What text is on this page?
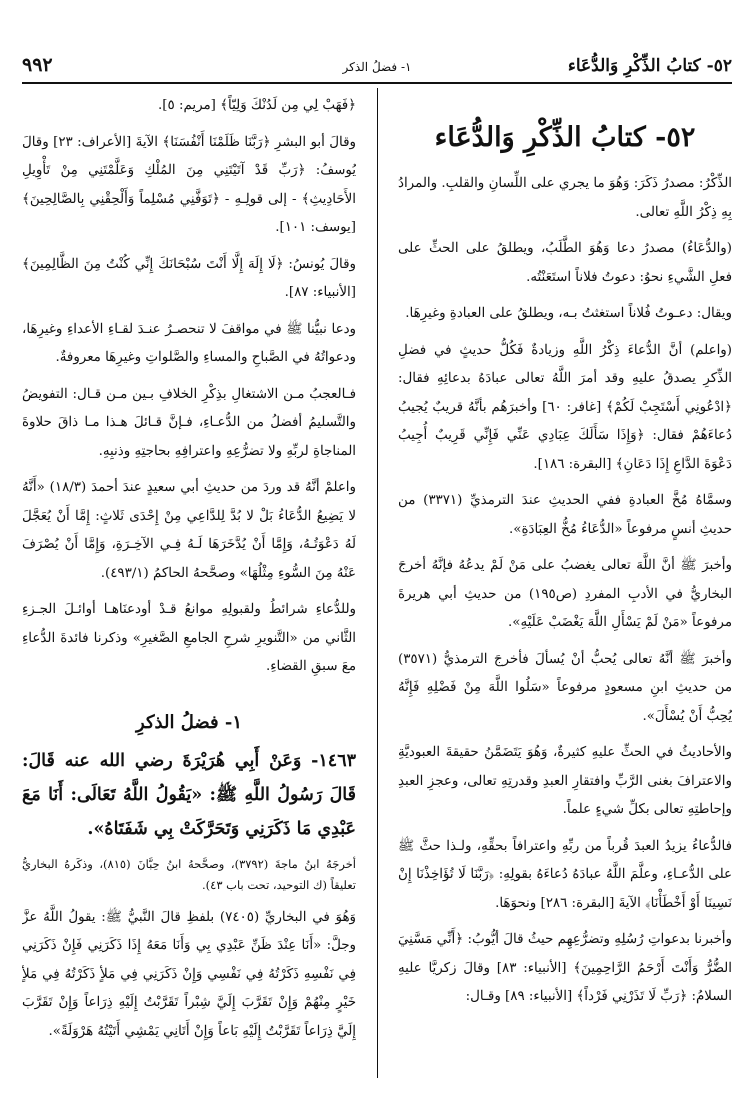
٥٢- كتابُ الذِّكْرِ وَالدُّعَاء
١- فضلُ الذكر
٩٩٢
٥٢- كتابُ الذِّكْرِ وَالدُّعَاء

الذِّكْرُ: مصدرُ ذَكَرَ: وَهُوَ ما يجري على اللِّسانِ والقلبِ. والمرادُ بِهِ ذِكْرُ اللَّهِ تعالى.

(والدُّعَاءُ) مصدرُ دعا وَهُوَ الطَّلَبُ، ويطلقُ على الحثِّ على فعلِ الشَّيءِ نحوُ: دعوتُ فلاناً استَعَنْتُه.

ويقال: دعـوتُ فُلاناً استغثتُ بـه، ويطلقُ على العبادةِ وغيرِهَا.

(واعلم) أنَّ الدُّعاءَ ذِكْرُ اللَّهِ وزيادةٌ فَكُلُّ حديثٍ في فضلِ الذِّكرِ يصدقُ عليهِ وقد أمرَ اللَّهُ تعالى عبادَهُ بدعائِهِ فقال: ﴿ادْعُونِي أَسْتَجِبْ لَكُمْ﴾ [غافر: ٦٠] وأخبرَهُم بأنَّهُ قريبٌ يُجيبُ دُعاءَهُمْ فقال: ﴿وَإِذَا سَأَلَكَ عِبَادِي عَنِّي فَإِنِّي قَرِيبٌ أُجِيبُ دَعْوَةَ الدَّاعِ إِذَا دَعَانِ﴾ [البقرة: ١٨٦].

وسمَّاهُ مُخَّ العبادةِ ففي الحديثِ عندَ الترمذيِّ (٣٣٧١) من حديثِ أنسٍ مرفوعاً «الدُّعَاءُ مُخُّ العِبَادَةِ».

وأخبرَ ﷺ أنَّ اللَّهَ تعالى يغضبُ على مَنْ لَمْ يدعُهُ فإنَّهُ أخرجَ البخاريُّ في الأدبِ المفردِ (ص١٩٥) من حديثِ أبي هريرةَ مرفوعاً «مَنْ لَمْ يَسْأَلِ اللَّهَ يَغْضَبْ عَلَيْهِ».

وأخبرَ ﷺ أنَّهُ تعالى يُحبُّ أنْ يُسألَ فأخرجَ الترمذيُّ (٣٥٧١) من حديثِ ابنِ مسعودٍ مرفوعاً «سَلُوا اللَّهَ مِنْ فَضْلِهِ فَإِنَّهُ يُحِبُّ أَنْ يُسْأَلَ».

والأحاديثُ في الحثِّ عليهِ كثيرةٌ، وَهُوَ يَتَضَمَّنُ حقيقةَ العبوديَّةِ والاعترافَ بغنى الرَّبِّ وافتقارِ العبدِ وقدرتِهِ تعالى، وعجزِ العبدِ وإحاطتِهِ تعالى بكلِّ شيءٍ علماً.

فالدُّعاءُ يزيدُ العبدَ قُرباً من ربِّهِ واعترافاً بحقِّهِ، ولـذا حثَّ ﷺ على الدُّعـاءِ، وعلَّمَ اللَّهُ عبادَهُ دُعاءَهُ بقولِهِ: ﴿رَبَّنَا لَا تُؤَاخِذْنَا إِنْ نَسِينَا أَوْ أَخْطَأْنَا﴾ الآيةَ [البقرة: ٢٨٦] ونحوَهَا.

وأخبرنا بدعواتِ رُسُلِهِ وتضرُّعِهِم حيثُ قالَ أيُّوبُ: ﴿أَنِّي مَسَّنِيَ الضُّرُّ وَأَنْتَ أَرْحَمُ الرَّاحِمِينَ﴾ [الأنبياء: ٨٣] وقالَ زكريَّا عليهِ السلامُ: ﴿رَبِّ لَا تَذَرْنِي فَرْداً﴾ [الأنبياء: ٨٩] وقـال:

﴿فَهَبْ لِي مِن لَدُنْكَ وَلِيّاً﴾ [مريم: ٥].

وقالَ أبو البشرِ ﴿رَبَّنَا ظَلَمْنَا أَنْفُسَنَا﴾ الآيةَ [الأعراف: ٢٣] وقالَ يُوسفُ: ﴿رَبِّ قَدْ آتَيْتَنِي مِنَ المُلْكِ وَعَلَّمْتَنِي مِنْ تَأْوِيلِ الأَحَادِيثِ﴾ - إلى قولِـهِ - ﴿تَوَفَّنِي مُسْلِماً وَأَلْحِقْنِي بِالصَّالِحِينَ﴾ [يوسف: ١٠١].

وقالَ يُونسُ: ﴿لَا إِلَهَ إِلَّا أَنْتَ سُبْحَانَكَ إِنِّي كُنْتُ مِنَ الظَّالِمِينَ﴾ [الأنبياء: ٨٧].

ودعا نبيُّنا ﷺ في مواقفَ لا تنحصـرُ عنـدَ لقـاءِ الأعداءِ وغيرِهَا، ودعواتُهُ في الصَّباحِ والمساءِ والصَّلواتِ وغيرِهَا معروفةٌ.

فـالعجبُ مـن الاشتغالِ بذِكْرِ الخلافِ بـين مـن قـال: التفويضُ والتَّسليمُ أفضلُ من الدُّعـاءِ، فـإنَّ قـائلَ هـذا مـا ذاقَ حلاوةَ المناجاةِ لربِّهِ ولا تضرُّعِهِ واعترافِهِ بحاجتِهِ وذنبِهِ.

واعلمْ أنَّهُ قد وردَ من حديثِ أبي سعيدٍ عندَ أحمدَ (١٨/٣) «أَنَّهُ لا يَضِيعُ الدُّعَاءُ بَلْ لا بُدَّ لِلدَّاعِي مِنْ إِحْدَى ثَلاثٍ: إِمَّا أَنْ يُعَجَّلَ لَهُ دَعْوَتُـهُ، وَإِمَّا أَنْ يُدَّخَرَهَا لَـهُ فِـي الآخِـرَةِ، وَإِمَّا أَنْ يُصْرَفَ عَنْهُ مِنَ السُّوءِ مِثْلُهَا» وصحَّحهُ الحاكمُ (٤٩٣/١).

وللدُّعاءِ شرائطُ ولقبولِهِ موانعُ قـدْ أودعنَاهـا أوائـلَ الجـزءِ الثَّاني من «التَّنويرِ شرحِ الجامعِ الصَّغيرِ» وذكرنا فائدةَ الدُّعاءِ معَ سبقِ القضاءِ.

١- فضلُ الذكرِ

١٤٦٣- وَعَنْ أَبِي هُرَيْرَةَ رضي الله عنه قَالَ: قَالَ رَسُولُ اللَّهِ ﷺ: «يَقُولُ اللَّهُ تَعَالَى: أَنَا مَعَ عَبْدِي مَا ذَكَرَنِي وَتَحَرَّكَتْ بِي شَفَتَاهُ».

أخرجَهُ ابنُ ماجةَ (٣٧٩٢)، وصحَّحهُ ابنُ حِبَّانَ (٨١٥)، وذكَرهُ البخاريُّ تعليقاً (ك التوحيد، تحت باب ٤٣).

وَهُوَ في البخاريِّ (٧٤٠٥) بلفظِ قالَ النَّبيُّ ﷺ: يقولُ اللَّهُ عزَّ وجلَّ: «أَنَا عِنْدَ ظَنِّ عَبْدِي بِي وَأَنَا مَعَهُ إِذَا ذَكَرَنِي فَإِنْ ذَكَرَنِي فِي نَفْسِهِ ذَكَرْتُهُ فِي نَفْسِي وَإِنْ ذَكَرَنِي فِي مَلأٍ ذَكَرْتُهُ فِي مَلأٍ خَيْرٍ مِنْهُمْ وَإِنْ تَقَرَّبَ إِلَيَّ شِبْراً تَقَرَّبْتُ إِلَيْهِ ذِرَاعاً وَإِنْ تَقَرَّبَ إِلَيَّ ذِرَاعاً تَقَرَّبْتُ إِلَيْهِ بَاعاً وَإِنْ أَتَانِي يَمْشِي أَتَيْتُهُ هَرْوَلَةً».
